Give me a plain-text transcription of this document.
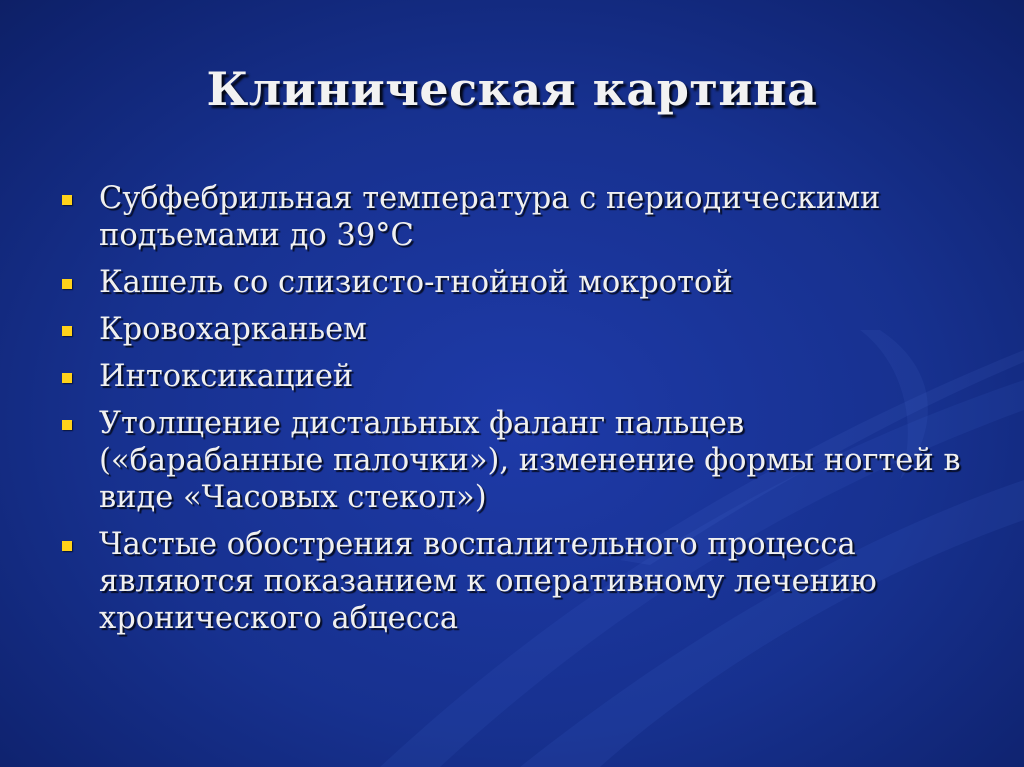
Клиническая картина
Субфебрильная температура с периодическими подъемами до 39°С
Кашель со слизисто-гнойной мокротой
Кровохарканьем
Интоксикацией
Утолщение дистальных фаланг пальцев («барабанные палочки»), изменение формы ногтей в виде «Часовых стекол»)
Частые обострения воспалительного процесса являются показанием к оперативному лечению хронического абцесса
